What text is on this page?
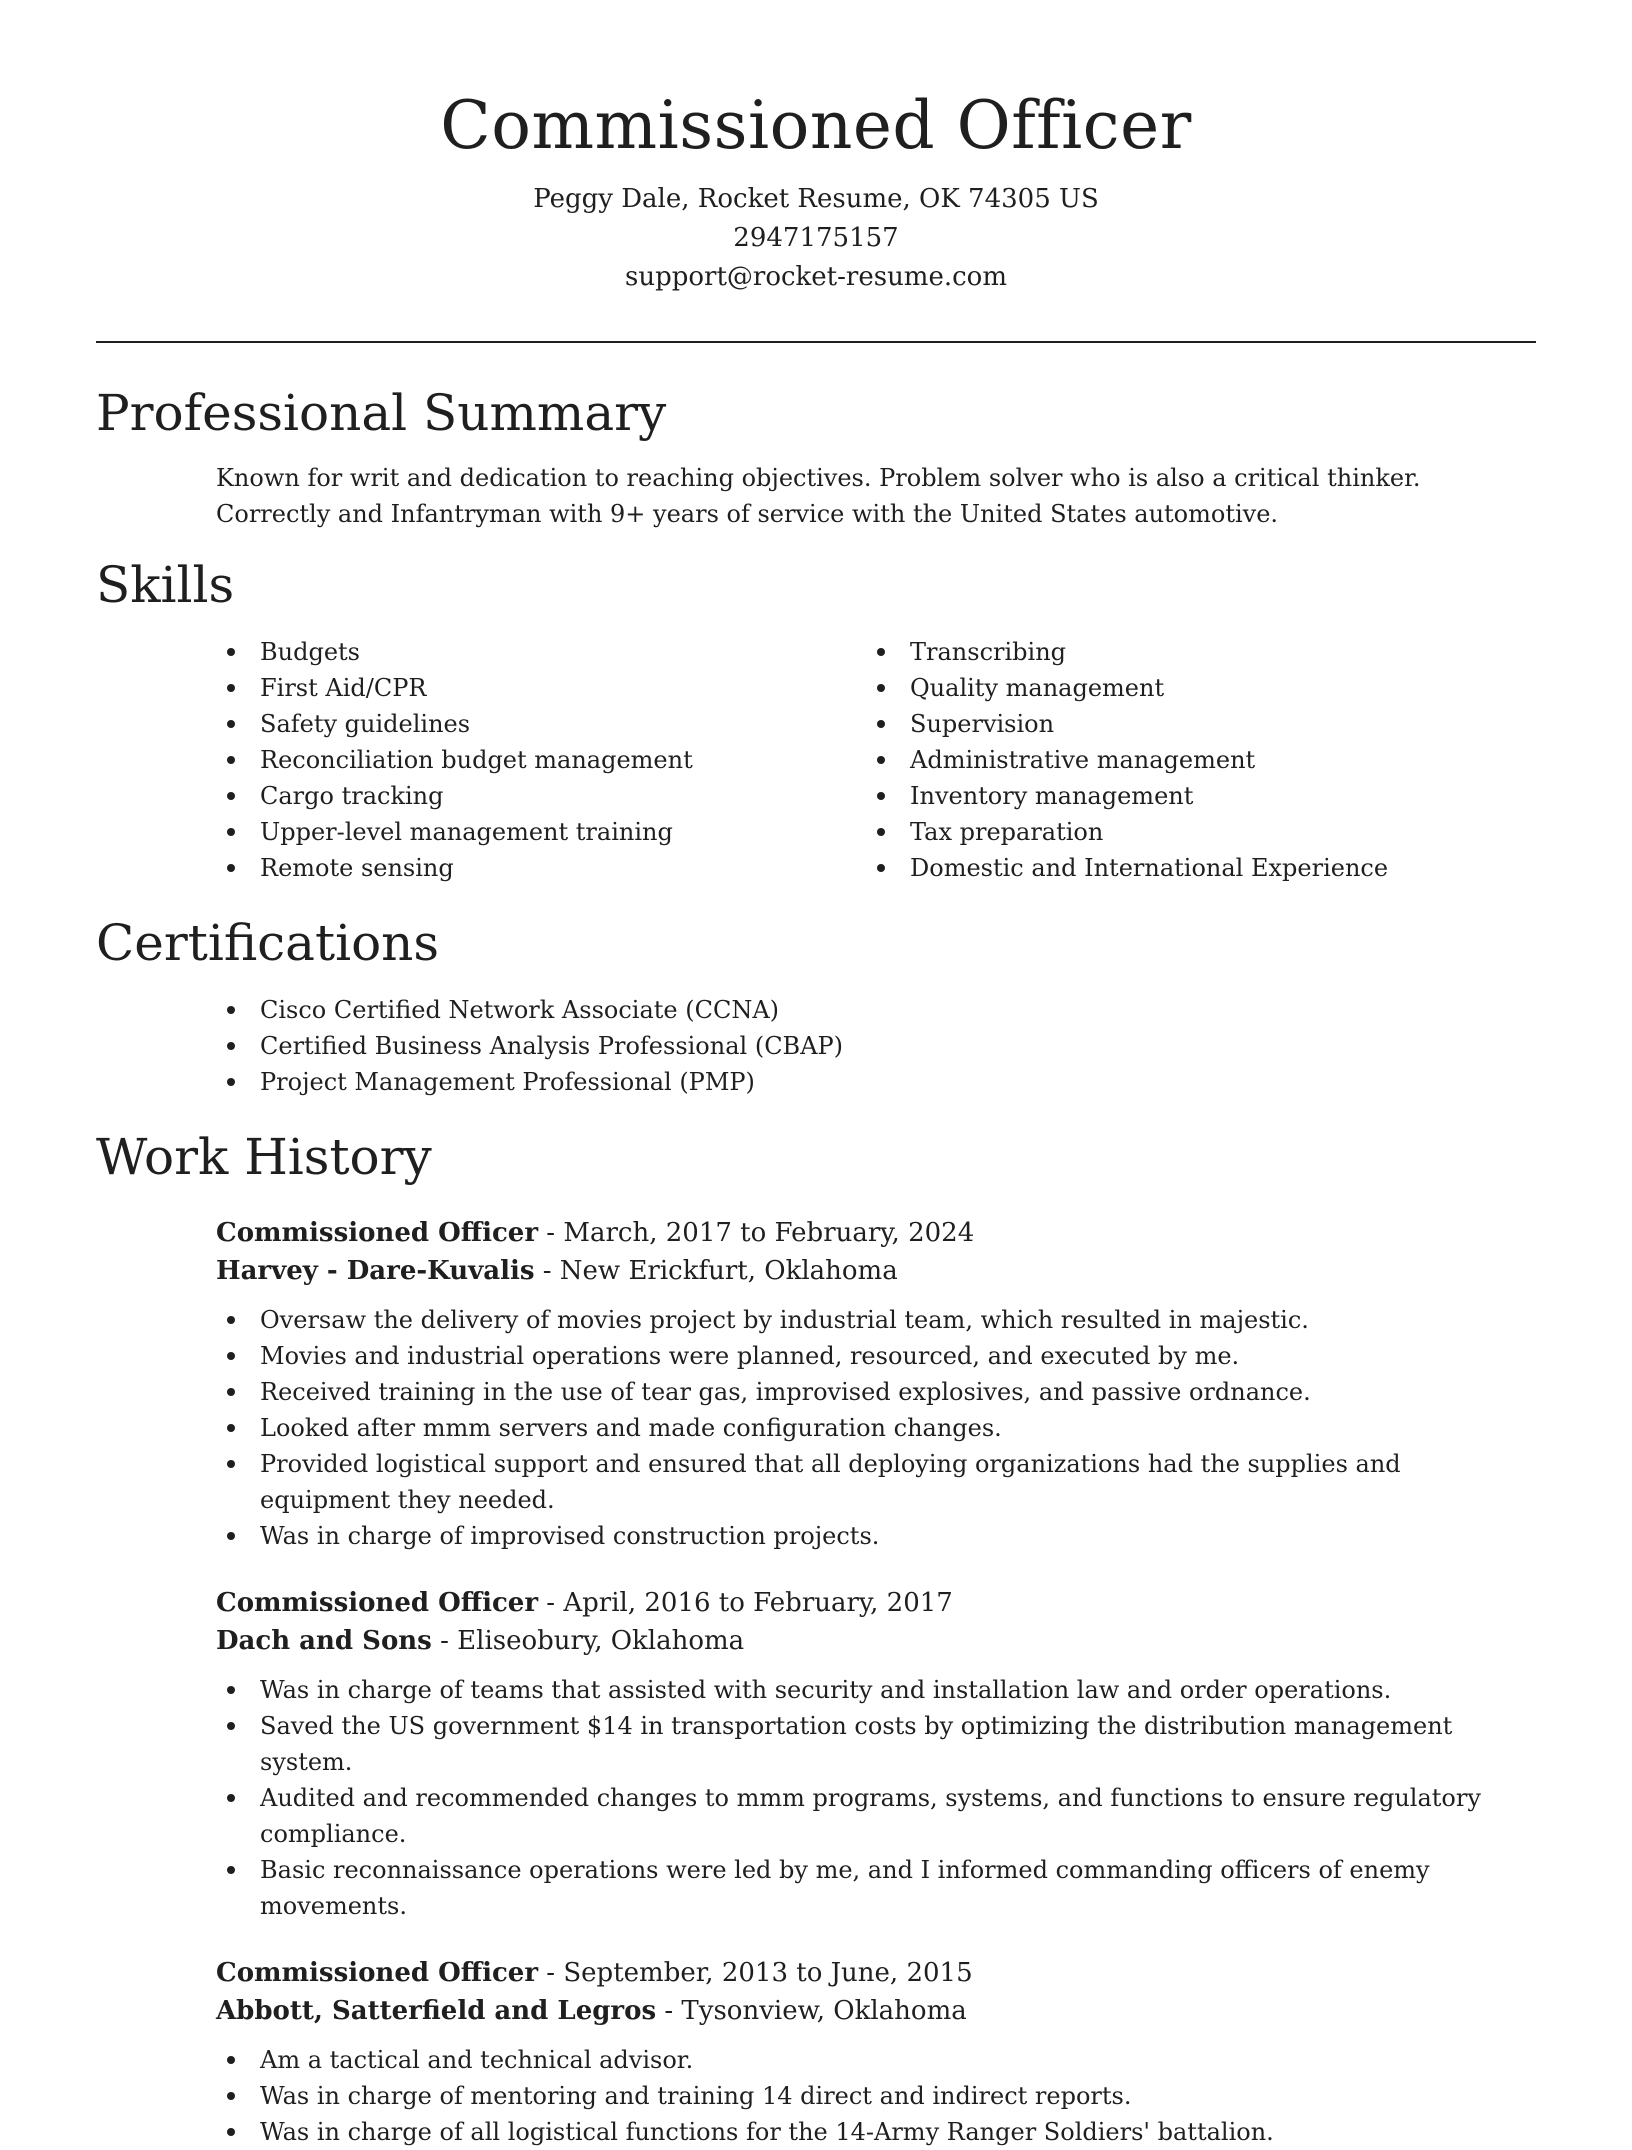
Commissioned Officer
Peggy Dale, Rocket Resume, OK 74305 US
2947175157
support@rocket-resume.com
Professional Summary

Known for writ and dedication to reaching objectives. Problem solver who is also a critical thinker. Correctly and Infantryman with 9+ years of service with the United States automotive.

Skills
Budgets
First Aid/CPR
Safety guidelines
Reconciliation budget management
Cargo tracking
Upper-level management training
Remote sensing
Transcribing
Quality management
Supervision
Administrative management
Inventory management
Tax preparation
Domestic and International Experience
Certifications
Cisco Certified Network Associate (CCNA)
Certified Business Analysis Professional (CBAP)
Project Management Professional (PMP)
Work History
Commissioned Officer - March, 2017 to February, 2024
Harvey - Dare-Kuvalis - New Erickfurt, Oklahoma
Oversaw the delivery of movies project by industrial team, which resulted in majestic.
Movies and industrial operations were planned, resourced, and executed by me.
Received training in the use of tear gas, improvised explosives, and passive ordnance.
Looked after mmm servers and made configuration changes.
Provided logistical support and ensured that all deploying organizations had the supplies and equipment they needed.
Was in charge of improvised construction projects.
Commissioned Officer - April, 2016 to February, 2017
Dach and Sons - Eliseobury, Oklahoma
Was in charge of teams that assisted with security and installation law and order operations.
Saved the US government $14 in transportation costs by optimizing the distribution management system.
Audited and recommended changes to mmm programs, systems, and functions to ensure regulatory compliance.
Basic reconnaissance operations were led by me, and I informed commanding officers of enemy movements.
Commissioned Officer - September, 2013 to June, 2015
Abbott, Satterfield and Legros - Tysonview, Oklahoma
Am a tactical and technical advisor.
Was in charge of mentoring and training 14 direct and indirect reports.
Was in charge of all logistical functions for the 14-Army Ranger Soldiers' battalion.
